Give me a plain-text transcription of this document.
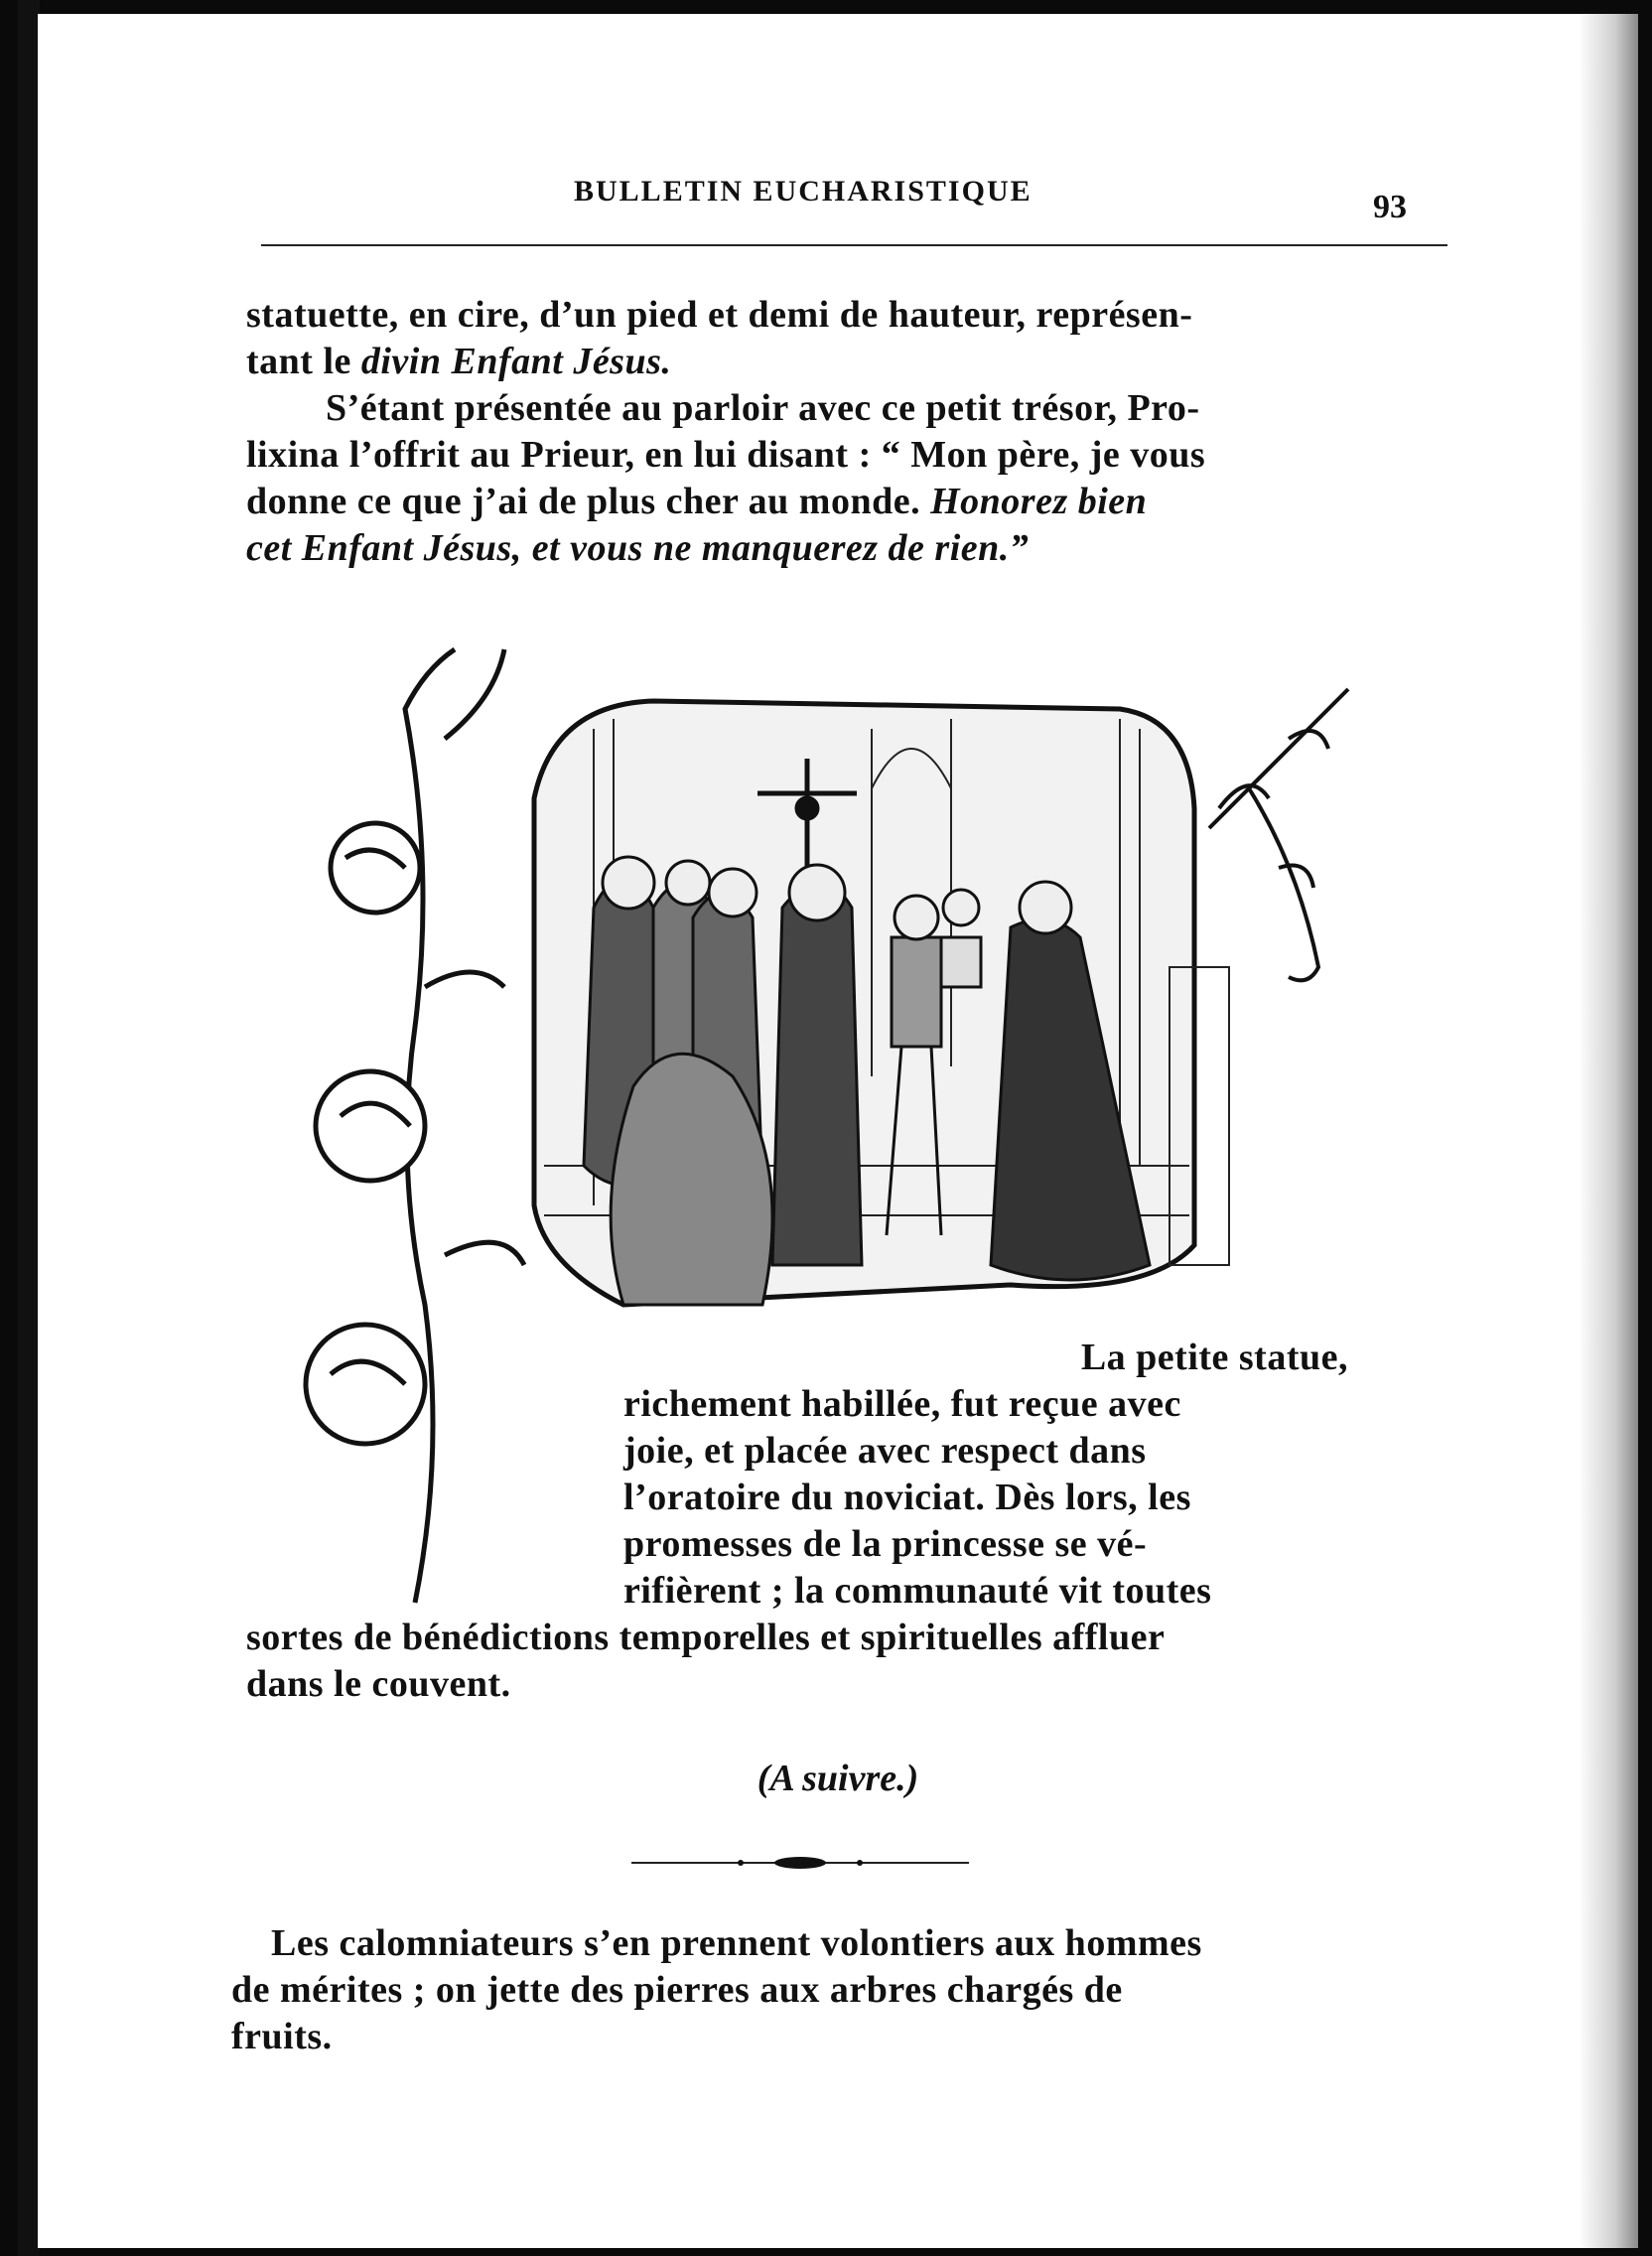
BULLETIN EUCHARISTIQUE	93
statuette, en cire, d’un pied et demi de hauteur, représen-
tant le divin Enfant Jésus.
S’étant présentée au parloir avec ce petit trésor, Pro-
lixina l’offrit au Prieur, en lui disant : “ Mon père, je vous
donne ce que j’ai de plus cher au monde. Honorez bien
cet Enfant Jésus, et vous ne manquerez de rien.”
La petite statue,
richement habillée, fut reçue avec
joie, et placée avec respect dans
l’oratoire du noviciat. Dès lors, les
promesses de la princesse se vé-
rifièrent ; la communauté vit toutes
sortes de bénédictions temporelles et spirituelles affluer
dans le couvent.
(A suivre.)
Les calomniateurs s’en prennent volontiers aux hommes
de mérites ; on jette des pierres aux arbres chargés de
fruits.
